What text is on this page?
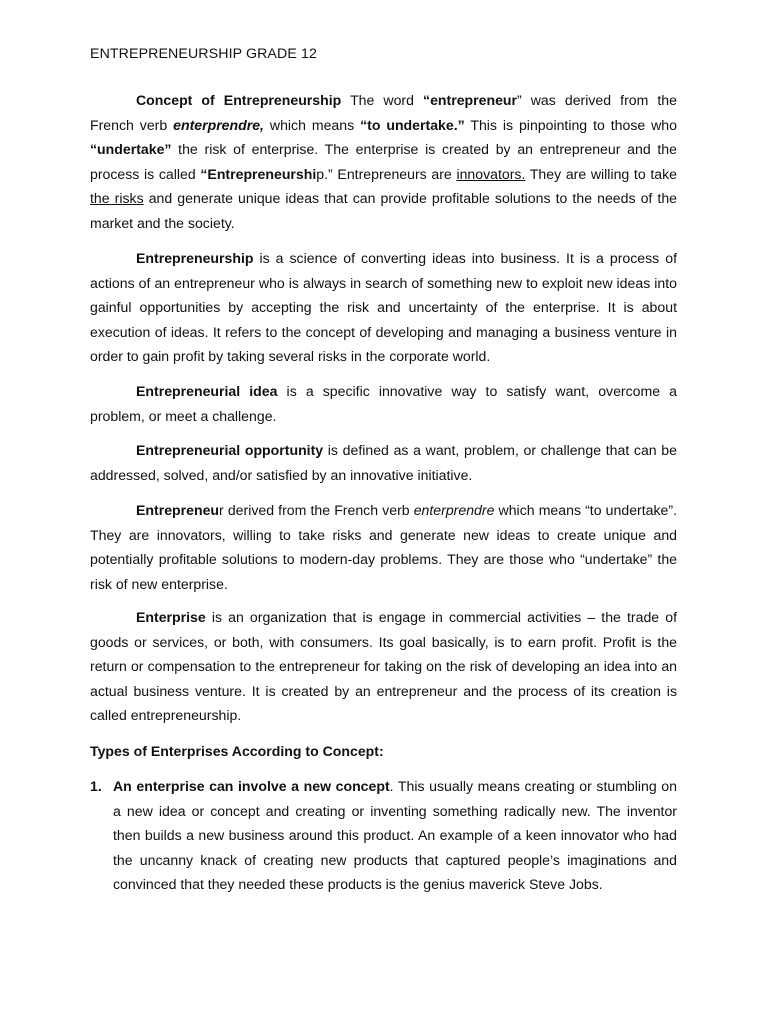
ENTREPRENEURSHIP GRADE 12

Concept of Entrepreneurship The word “entrepreneur” was derived from the French verb enterprendre, which means “to undertake.” This is pinpointing to those who “undertake” the risk of enterprise. The enterprise is created by an entrepreneur and the process is called “Entrepreneurship.” Entrepreneurs are innovators. They are willing to take the risks and generate unique ideas that can provide profitable solutions to the needs of the market and the society.

Entrepreneurship is a science of converting ideas into business. It is a process of actions of an entrepreneur who is always in search of something new to exploit new ideas into gainful opportunities by accepting the risk and uncertainty of the enterprise. It is about execution of ideas. It refers to the concept of developing and managing a business venture in order to gain profit by taking several risks in the corporate world.

Entrepreneurial idea is a specific innovative way to satisfy want, overcome a problem, or meet a challenge.

Entrepreneurial opportunity is defined as a want, problem, or challenge that can be addressed, solved, and/or satisfied by an innovative initiative.

Entrepreneur derived from the French verb enterprendre which means “to undertake”. They are innovators, willing to take risks and generate new ideas to create unique and potentially profitable solutions to modern-day problems. They are those who “undertake” the risk of new enterprise.

Enterprise is an organization that is engage in commercial activities – the trade of goods or services, or both, with consumers. Its goal basically, is to earn profit. Profit is the return or compensation to the entrepreneur for taking on the risk of developing an idea into an actual business venture. It is created by an entrepreneur and the process of its creation is called entrepreneurship.

Types of Enterprises According to Concept:
1. An enterprise can involve a new concept. This usually means creating or stumbling on a new idea or concept and creating or inventing something radically new. The inventor then builds a new business around this product. An example of a keen innovator who had the uncanny knack of creating new products that captured people’s imaginations and convinced that they needed these products is the genius maverick Steve Jobs.
